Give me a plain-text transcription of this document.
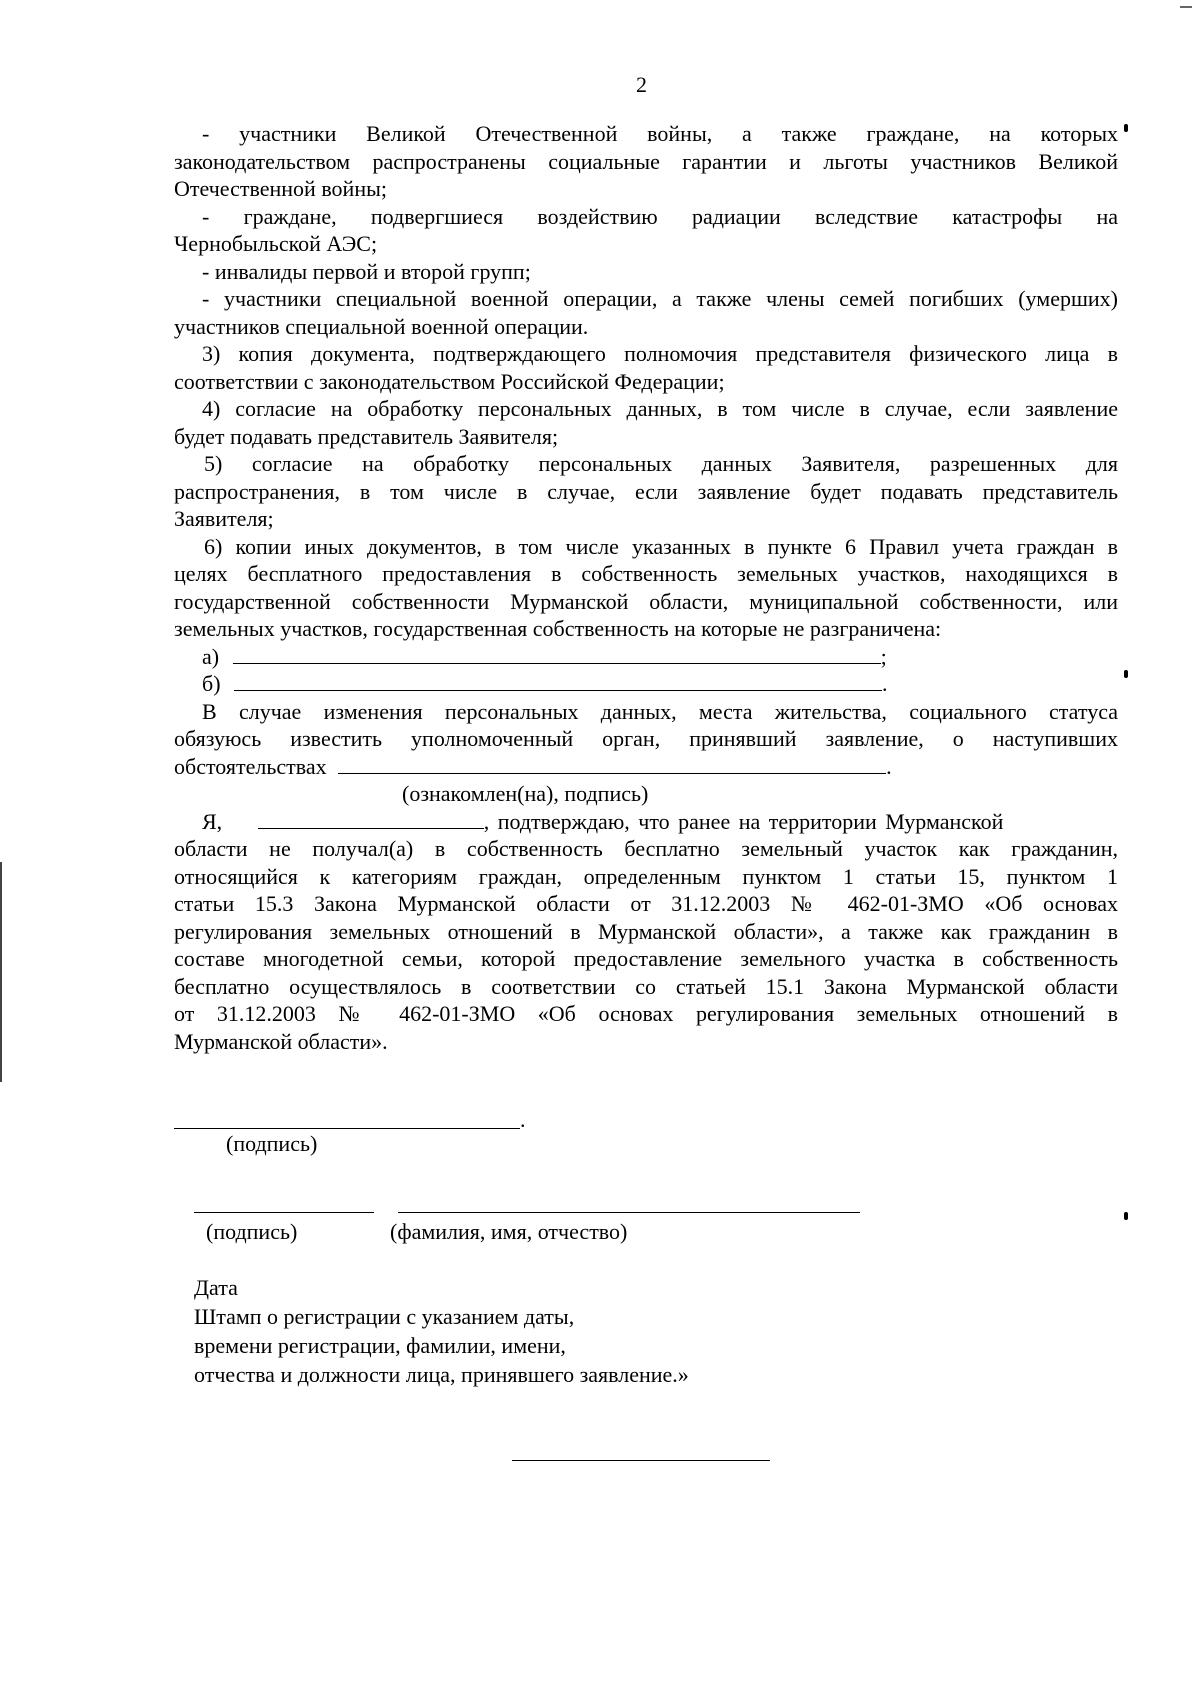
2
- участники Великой Отечественной войны, а также граждане, на которых
законодательством распространены социальные гарантии и льготы участников Великой
Отечественной войны;
- граждане, подвергшиеся воздействию радиации вследствие катастрофы на
Чернобыльской АЭС;
- инвалиды первой и второй групп;
- участники специальной военной операции, а также члены семей погибших (умерших)
участников специальной военной операции.
3) копия документа, подтверждающего полномочия представителя физического лица в
соответствии с законодательством Российской Федерации;
4) согласие на обработку персональных данных, в том числе в случае, если заявление
будет подавать представитель Заявителя;
5) согласие на обработку персональных данных Заявителя, разрешенных для
распространения, в том числе в случае, если заявление будет подавать представитель
Заявителя;
6) копии иных документов, в том числе указанных в пункте 6 Правил учета граждан в
целях бесплатного предоставления в собственность земельных участков, находящихся в
государственной собственности Мурманской области, муниципальной собственности, или
земельных участков, государственная собственность на которые не разграничена:
а)	;
б)	.
В случае изменения персональных данных, места жительства, социального статуса
обязуюсь известить уполномоченный орган, принявший заявление, о наступивших
обстоятельствах	.
(ознакомлен(на), подпись)
Я,	, подтверждаю, что ранее на территории Мурманской
области не получал(а) в собственность бесплатно земельный участок как гражданин,
относящийся к категориям граждан, определенным пунктом 1 статьи 15, пунктом 1
статьи 15.3 Закона Мурманской области от 31.12.2003 № 462-01-ЗМО «Об основах
регулирования земельных отношений в Мурманской области», а также как гражданин в
составе многодетной семьи, которой предоставление земельного участка в собственность
бесплатно осуществлялось в соответствии со статьей 15.1 Закона Мурманской области
от 31.12.2003 № 462-01-ЗМО «Об основах регулирования земельных отношений в
Мурманской области».
.
(подпись)
(подпись)	(фамилия, имя, отчество)
Дата
Штамп о регистрации с указанием даты,
времени регистрации, фамилии, имени,
отчества и должности лица, принявшего заявление.»
